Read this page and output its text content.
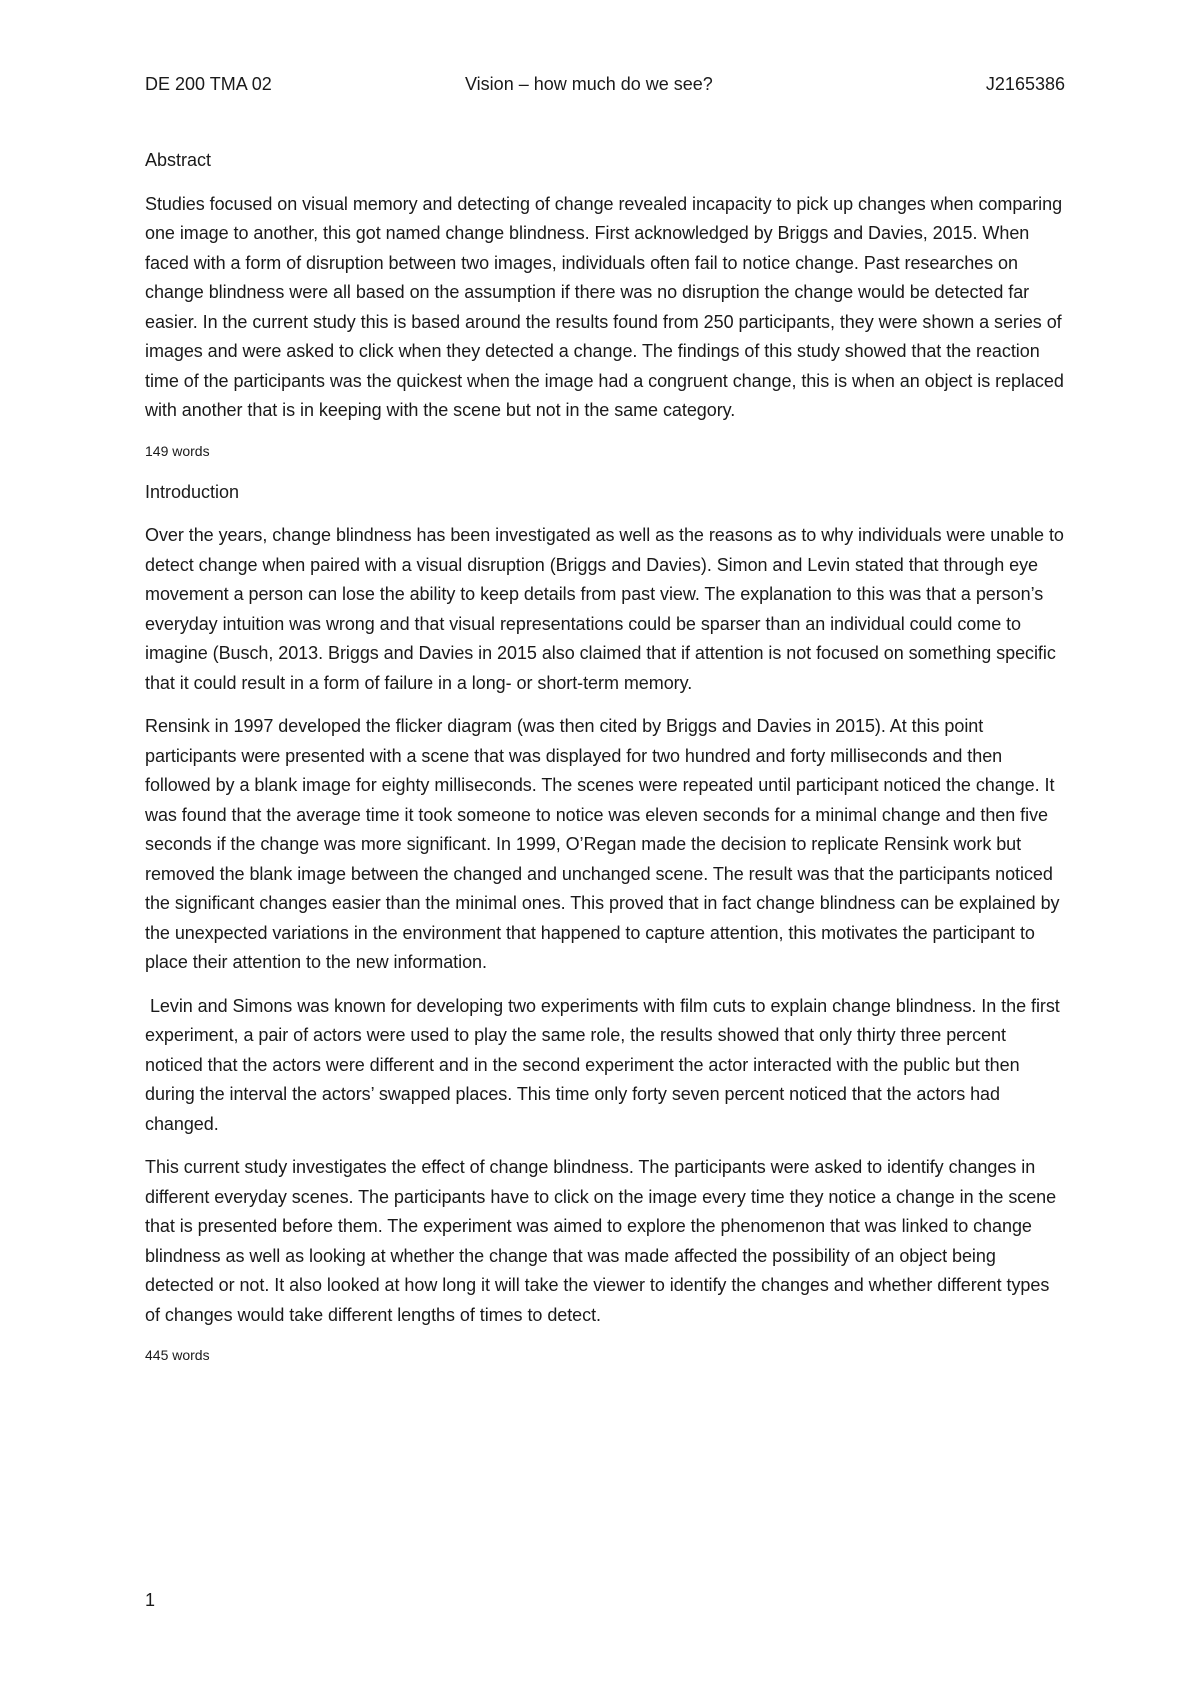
DE 200 TMA 02	Vision – how much do we see?	J2165386
Abstract

Studies focused on visual memory and detecting of change revealed incapacity to pick up changes when comparing one image to another, this got named change blindness. First acknowledged by Briggs and Davies, 2015. When faced with a form of disruption between two images, individuals often fail to notice change. Past researches on change blindness were all based on the assumption if there was no disruption the change would be detected far easier. In the current study this is based around the results found from 250 participants, they were shown a series of images and were asked to click when they detected a change. The findings of this study showed that the reaction time of the participants was the quickest when the image had a congruent change, this is when an object is replaced with another that is in keeping with the scene but not in the same category.

149 words
Introduction

Over the years, change blindness has been investigated as well as the reasons as to why individuals were unable to detect change when paired with a visual disruption (Briggs and Davies). Simon and Levin stated that through eye movement a person can lose the ability to keep details from past view. The explanation to this was that a person’s everyday intuition was wrong and that visual representations could be sparser than an individual could come to imagine (Busch, 2013. Briggs and Davies in 2015 also claimed that if attention is not focused on something specific that it could result in a form of failure in a long- or short-term memory.

Rensink in 1997 developed the flicker diagram (was then cited by Briggs and Davies in 2015). At this point participants were presented with a scene that was displayed for two hundred and forty milliseconds and then followed by a blank image for eighty milliseconds. The scenes were repeated until participant noticed the change. It was found that the average time it took someone to notice was eleven seconds for a minimal change and then five seconds if the change was more significant. In 1999, O’Regan made the decision to replicate Rensink work but removed the blank image between the changed and unchanged scene. The result was that the participants noticed the significant changes easier than the minimal ones. This proved that in fact change blindness can be explained by the unexpected variations in the environment that happened to capture attention, this motivates the participant to place their attention to the new information.

Levin and Simons was known for developing two experiments with film cuts to explain change blindness. In the first experiment, a pair of actors were used to play the same role, the results showed that only thirty three percent noticed that the actors were different and in the second experiment the actor interacted with the public but then during the interval the actors’ swapped places. This time only forty seven percent noticed that the actors had changed.

This current study investigates the effect of change blindness. The participants were asked to identify changes in different everyday scenes. The participants have to click on the image every time they notice a change in the scene that is presented before them. The experiment was aimed to explore the phenomenon that was linked to change blindness as well as looking at whether the change that was made affected the possibility of an object being detected or not. It also looked at how long it will take the viewer to identify the changes and whether different types of changes would take different lengths of times to detect.

445 words
1
